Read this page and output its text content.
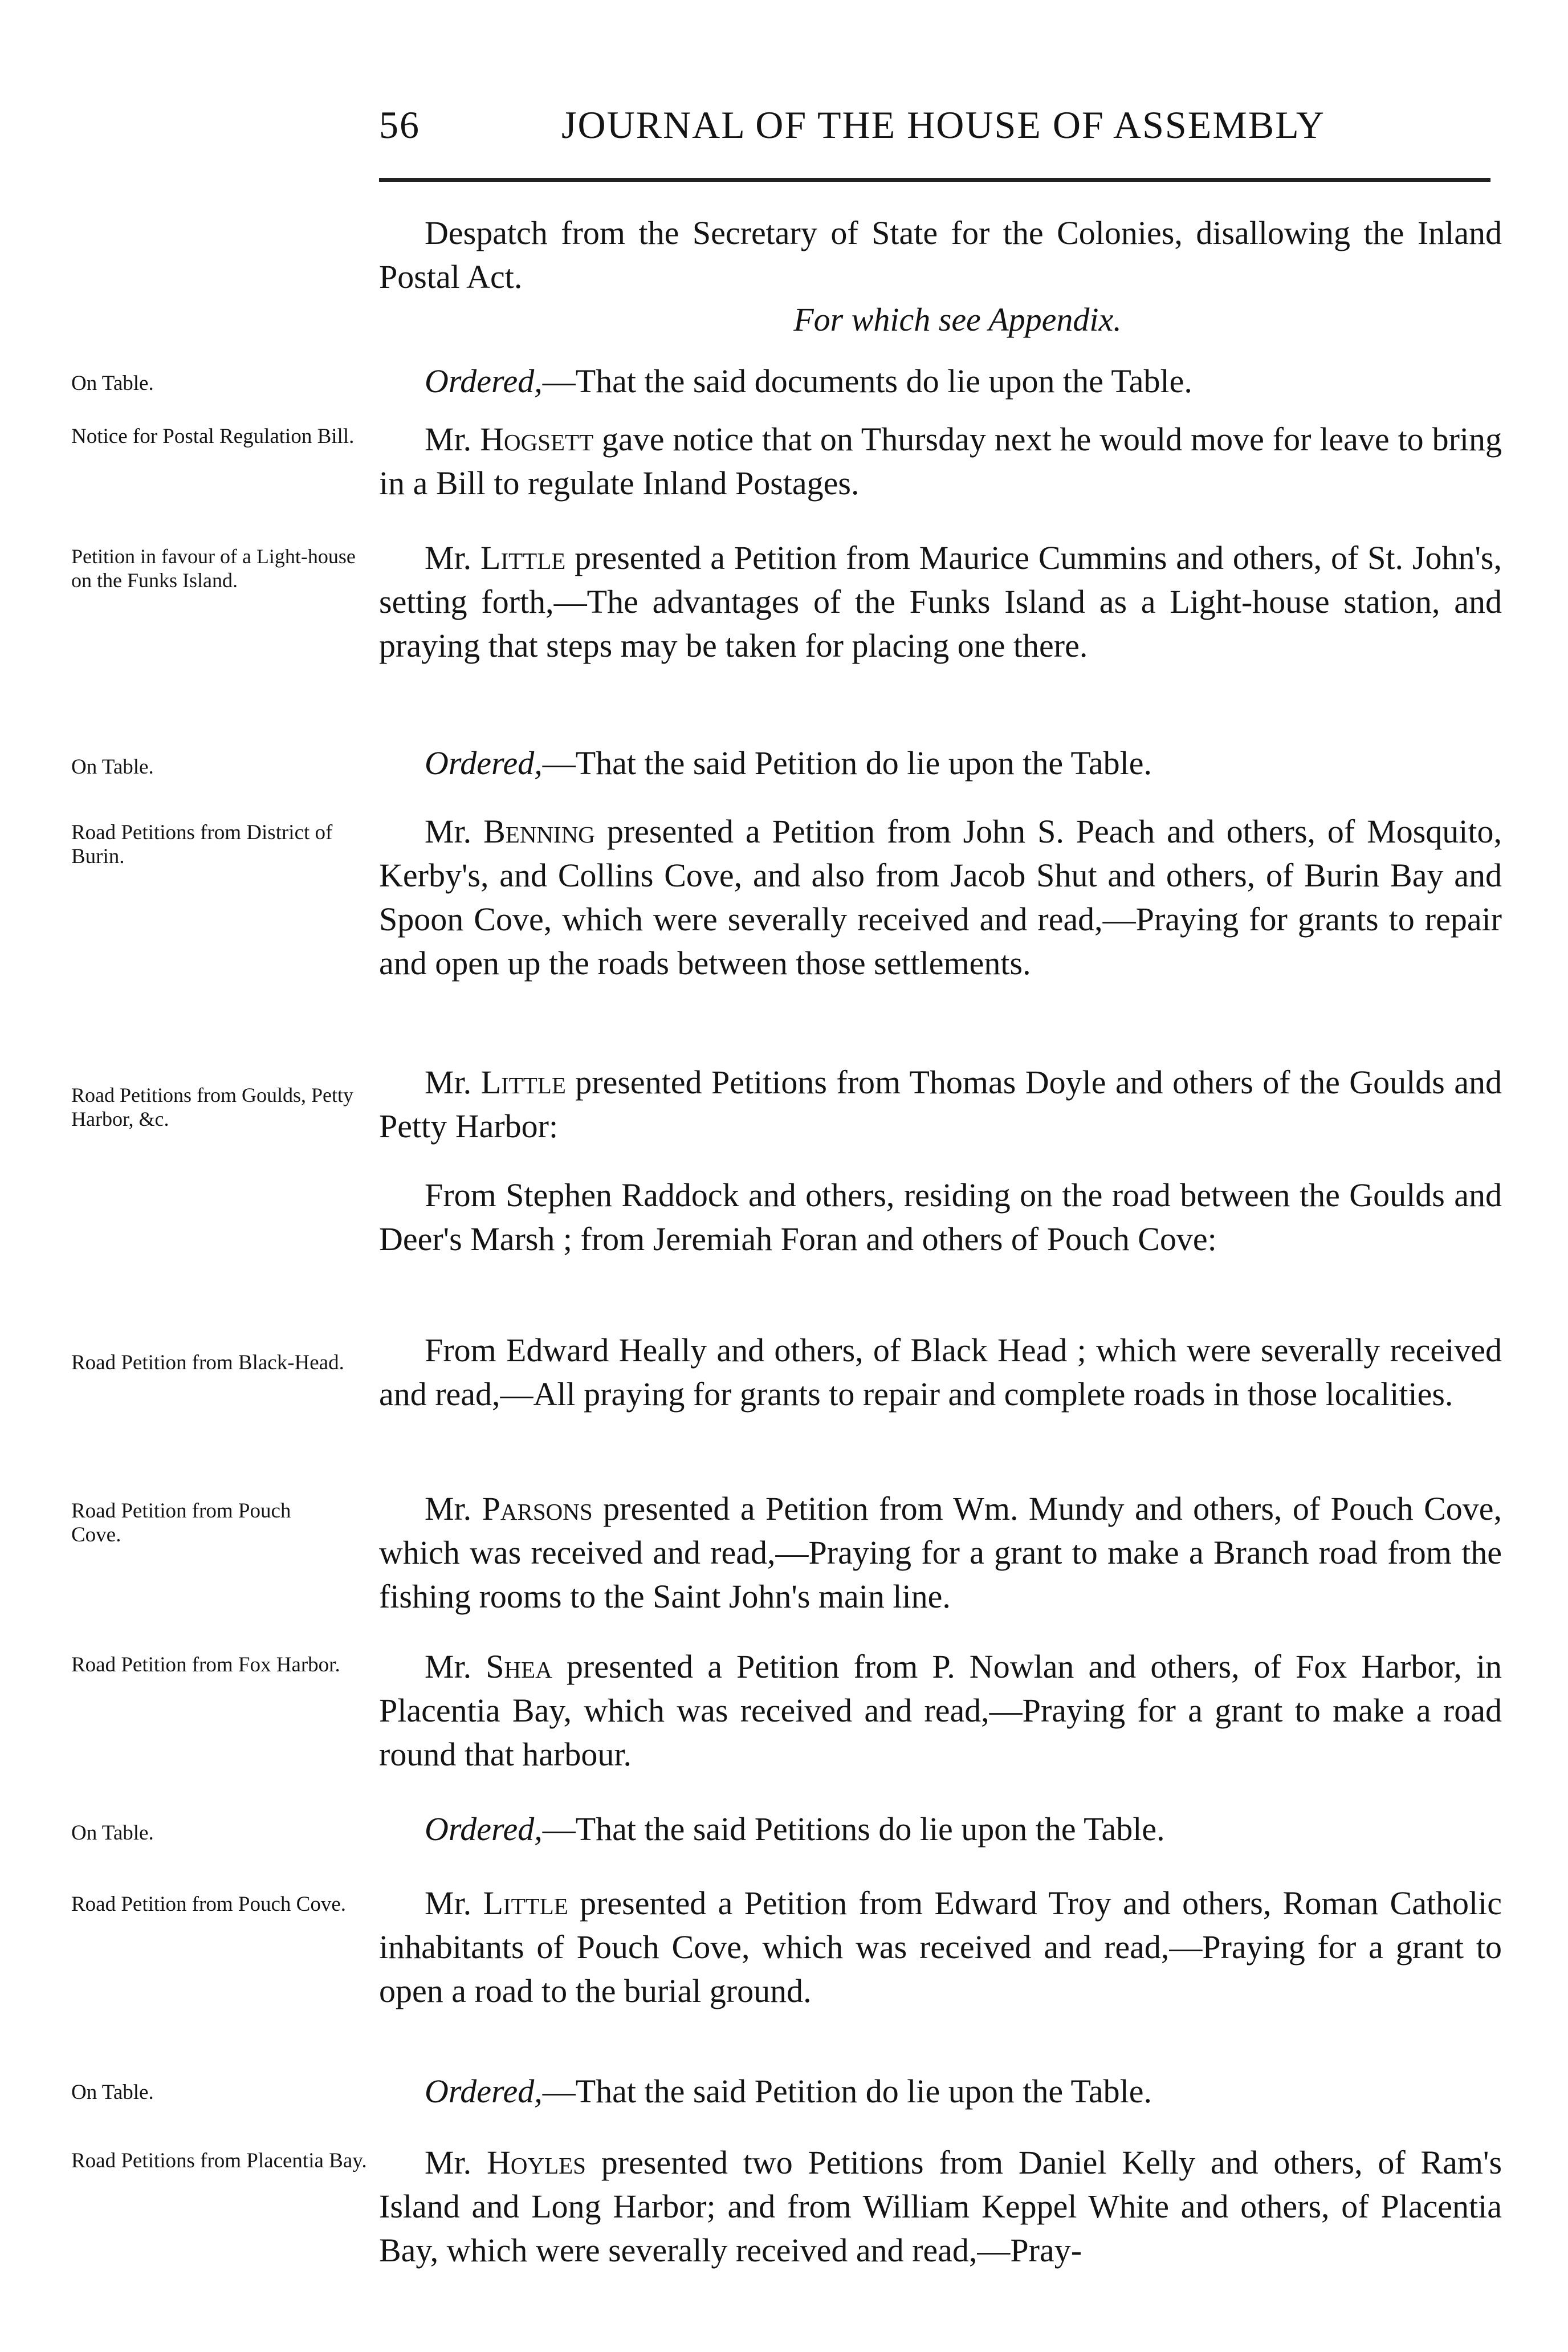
56	JOURNAL OF THE HOUSE OF ASSEMBLY
On Table.
Notice for Postal Regulation Bill.
Petition in favour of a Light-house on the Funks Island.
On Table.
Road Petitions from District of Burin.
Road Petitions from Goulds, Petty Harbor, &c.
Road Petition from Black-Head.
Road Petition from Pouch Cove.
Road Petition from Fox Harbor.
On Table.
Road Petition from Pouch Cove.
On Table.
Road Petitions from Placentia Bay.
Despatch from the Secretary of State for the Colonies, disallowing the Inland Postal Act.
For which see Appendix.
Ordered,—That the said documents do lie upon the Table.
Mr. Hogsett gave notice that on Thursday next he would move for leave to bring in a Bill to regulate Inland Postages.
Mr. Little presented a Petition from Maurice Cummins and others, of St. John's, setting forth,—The advantages of the Funks Island as a Light-house station, and praying that steps may be taken for placing one there.
Ordered,—That the said Petition do lie upon the Table.
Mr. Benning presented a Petition from John S. Peach and others, of Mosquito, Kerby's, and Collins Cove, and also from Jacob Shut and others, of Burin Bay and Spoon Cove, which were severally received and read,—Praying for grants to repair and open up the roads between those settlements.
Mr. Little presented Petitions from Thomas Doyle and others of the Goulds and Petty Harbor:
From Stephen Raddock and others, residing on the road between the Goulds and Deer's Marsh ; from Jeremiah Foran and others of Pouch Cove:
From Edward Heally and others, of Black Head ; which were severally received and read,—All praying for grants to repair and complete roads in those localities.
Mr. Parsons presented a Petition from Wm. Mundy and others, of Pouch Cove, which was received and read,—Praying for a grant to make a Branch road from the fishing rooms to the Saint John's main line.
Mr. Shea presented a Petition from P. Nowlan and others, of Fox Harbor, in Placentia Bay, which was received and read,—Praying for a grant to make a road round that harbour.
Ordered,—That the said Petitions do lie upon the Table.
Mr. Little presented a Petition from Edward Troy and others, Roman Catholic inhabitants of Pouch Cove, which was received and read,—Praying for a grant to open a road to the burial ground.
Ordered,—That the said Petition do lie upon the Table.
Mr. Hoyles presented two Petitions from Daniel Kelly and others, of Ram's Island and Long Harbor; and from William Keppel White and others, of Placentia Bay, which were severally received and read,—Pray-
